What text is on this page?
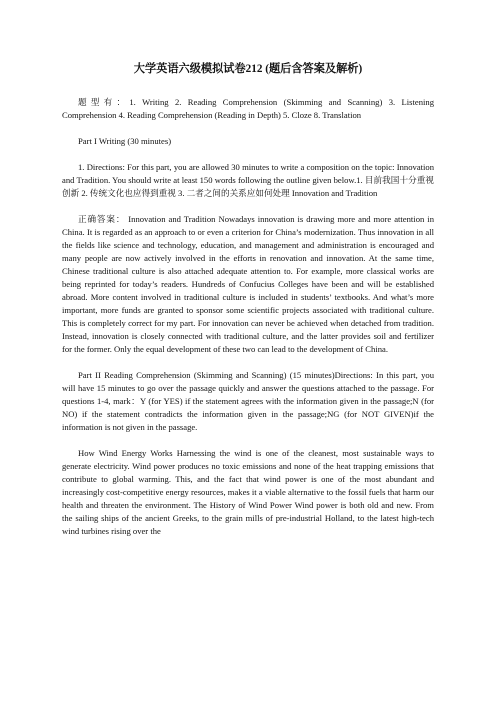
大学英语六级模拟试卷212 (题后含答案及解析)

题型有：1. Writing 2. Reading Comprehension (Skimming and Scanning) 3. Listening Comprehension 4. Reading Comprehension (Reading in Depth) 5. Cloze 8. Translation

Part I Writing (30 minutes)

1. Directions: For this part, you are allowed 30 minutes to write a composition on the topic: Innovation and Tradition. You should write at least 150 words following the outline given below.1. 目前我国十分重视创新 2. 传统文化也应得到重视 3. 二者之间的关系应如何处理 Innovation and Tradition

正确答案： Innovation and Tradition Nowadays innovation is drawing more and more attention in China. It is regarded as an approach to or even a criterion for China’s modernization. Thus innovation in all the fields like science and technology, education, and management and administration is encouraged and many people are now actively involved in the efforts in renovation and innovation. At the same time, Chinese traditional culture is also attached adequate attention to. For example, more classical works are being reprinted for today’s readers. Hundreds of Confucius Colleges have been and will be established abroad. More content involved in traditional culture is included in students’ textbooks. And what’s more important, more funds are granted to sponsor some scientific projects associated with traditional culture. This is completely correct for my part. For innovation can never be achieved when detached from tradition. Instead, innovation is closely connected with traditional culture, and the latter provides soil and fertilizer for the former. Only the equal development of these two can lead to the development of China.

Part II Reading Comprehension (Skimming and Scanning) (15 minutes)Directions: In this part, you will have 15 minutes to go over the passage quickly and answer the questions attached to the passage. For questions 1-4, mark：Y (for YES) if the statement agrees with the information given in the passage;N (for NO) if the statement contradicts the information given in the passage;NG (for NOT GIVEN)if the information is not given in the passage.

How Wind Energy Works Harnessing the wind is one of the cleanest, most sustainable ways to generate electricity. Wind power produces no toxic emissions and none of the heat trapping emissions that contribute to global warming. This, and the fact that wind power is one of the most abundant and increasingly cost-competitive energy resources, makes it a viable alternative to the fossil fuels that harm our health and threaten the environment. The History of Wind Power Wind power is both old and new. From the sailing ships of the ancient Greeks, to the grain mills of pre-industrial Holland, to the latest high-tech wind turbines rising over the
